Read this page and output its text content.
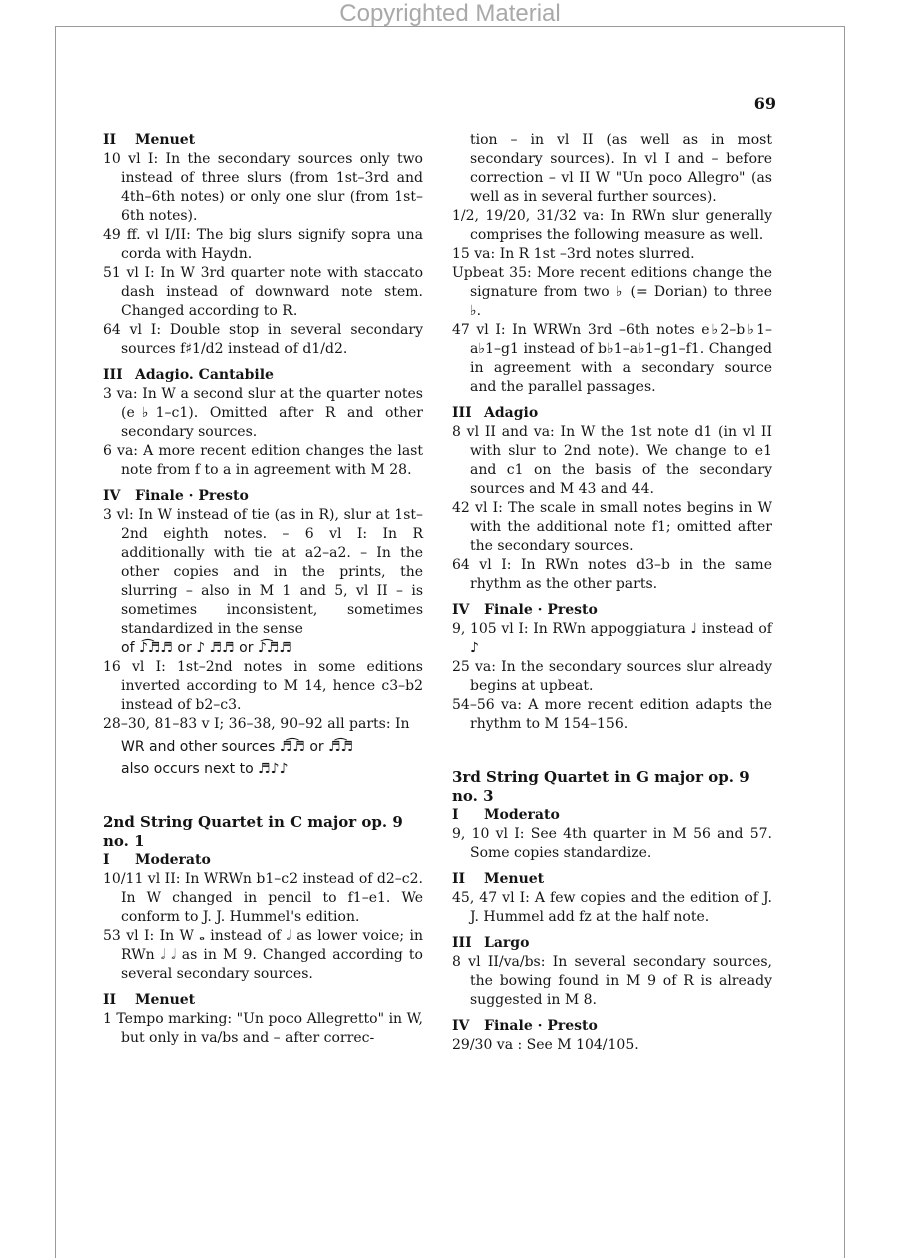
Copyrighted Material
69

II Menuet

10 vl I: In the secondary sources only two instead of three slurs (from 1st–3rd and 4th–6th notes) or only one slur (from 1st–6th notes).

49 ff. vl I/II: The big slurs signify sopra una corda with Haydn.

51 vl I: In W 3rd quarter note with staccato dash instead of downward note stem. Changed according to R.

64 vl I: Double stop in several secondary sources f♯1/d2 instead of d1/d2.

III Adagio. Cantabile

3 va: In W a second slur at the quarter notes (e♭1–c1). Omitted after R and other secondary sources.

6 va: A more recent edition changes the last note from f to a in agreement with M 28.

IV Finale · Presto

3 vl: In W instead of tie (as in R), slur at 1st–2nd eighth notes. – 6 vl I: In R additionally with tie at a2–a2. – In the other copies and in the prints, the slurring – also in M 1 and 5, vl II – is sometimes inconsistent, sometimes standardized in the sense

of ♪͡♬♬ or ♪ ♬♬ or ♪͡♬♬

16 vl I: 1st–2nd notes in some editions inverted according to M 14, hence c3–b2 instead of b2–c3.

28–30, 81–83 v I; 36–38, 90–92 all parts: In

WR and other sources ♬͡♬ or ♬͡♬

also occurs next to ♬♪♪

2nd String Quartet in C major op. 9 no. 1

I Moderato

10/11 vl II: In WRWn b1–c2 instead of d2–c2. In W changed in pencil to f1–e1. We conform to J. J. Hummel's edition.

53 vl I: In W 𝅝 instead of 𝅗𝅥 as lower voice; in RWn 𝅗𝅥 𝅗𝅥 as in M 9. Changed according to several secondary sources.

II Menuet

1 Tempo marking: "Un poco Allegretto" in W, but only in va/bs and – after correc-

tion – in vl II (as well as in most secondary sources). In vl I and – before correction – vl II W "Un poco Allegro" (as well as in several further sources).

1/2, 19/20, 31/32 va: In RWn slur generally comprises the following measure as well.

15 va: In R 1st –3rd notes slurred.

Upbeat 35: More recent editions change the signature from two ♭ (= Dorian) to three ♭.

47 vl I: In WRWn 3rd –6th notes e♭2–b♭1–a♭1–g1 instead of b♭1–a♭1–g1–f1. Changed in agreement with a secondary source and the parallel passages.

III Adagio

8 vl II and va: In W the 1st note d1 (in vl II with slur to 2nd note). We change to e1 and c1 on the basis of the secondary sources and M 43 and 44.

42 vl I: The scale in small notes begins in W with the additional note f1; omitted after the secondary sources.

64 vl I: In RWn notes d3–b in the same rhythm as the other parts.

IV Finale · Presto

9, 105 vl I: In RWn appoggiatura ♩ instead of ♪

25 va: In the secondary sources slur already begins at upbeat.

54–56 va: A more recent edition adapts the rhythm to M 154–156.

3rd String Quartet in G major op. 9 no. 3

I Moderato

9, 10 vl I: See 4th quarter in M 56 and 57. Some copies standardize.

II Menuet

45, 47 vl I: A few copies and the edition of J. J. Hummel add fz at the half note.

III Largo

8 vl II/va/bs: In several secondary sources, the bowing found in M 9 of R is already suggested in M 8.

IV Finale · Presto

29/30 va : See M 104/105.
